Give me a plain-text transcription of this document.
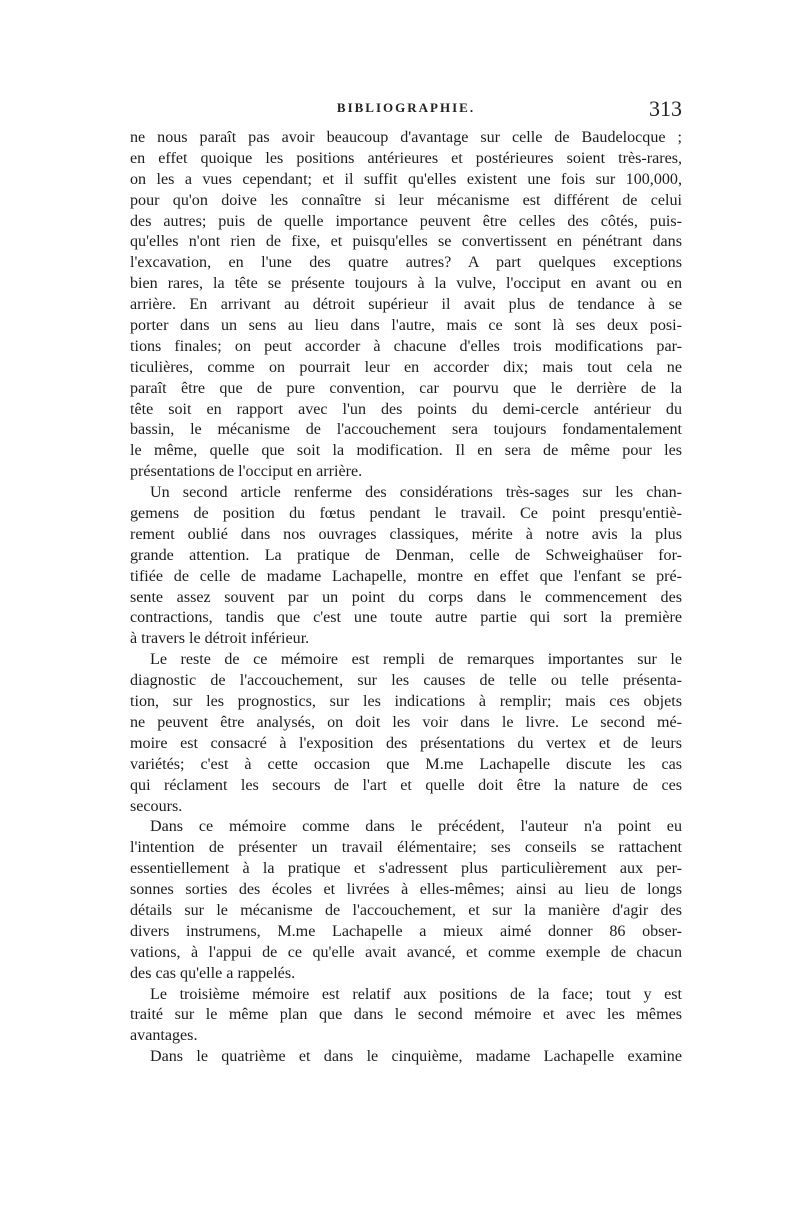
BIBLIOGRAPHIE.	313
ne nous paraît pas avoir beaucoup d'avantage sur celle de Baudelocque ;
en effet quoique les positions antérieures et postérieures soient très-rares,
on les a vues cependant; et il suffit qu'elles existent une fois sur 100,000,
pour qu'on doive les connaître si leur mécanisme est différent de celui
des autres; puis de quelle importance peuvent être celles des côtés, puis-
qu'elles n'ont rien de fixe, et puisqu'elles se convertissent en pénétrant dans
l'excavation, en l'une des quatre autres? A part quelques exceptions
bien rares, la tête se présente toujours à la vulve, l'occiput en avant ou en
arrière. En arrivant au détroit supérieur il avait plus de tendance à se
porter dans un sens au lieu dans l'autre, mais ce sont là ses deux posi-
tions finales; on peut accorder à chacune d'elles trois modifications par-
ticulières, comme on pourrait leur en accorder dix; mais tout cela ne
paraît être que de pure convention, car pourvu que le derrière de la
tête soit en rapport avec l'un des points du demi-cercle antérieur du
bassin, le mécanisme de l'accouchement sera toujours fondamentalement
le même, quelle que soit la modification. Il en sera de même pour les
présentations de l'occiput en arrière.
Un second article renferme des considérations très-sages sur les chan-
gemens de position du fœtus pendant le travail. Ce point presqu'entiè-
rement oublié dans nos ouvrages classiques, mérite à notre avis la plus
grande attention. La pratique de Denman, celle de Schweighaüser for-
tifiée de celle de madame Lachapelle, montre en effet que l'enfant se pré-
sente assez souvent par un point du corps dans le commencement des
contractions, tandis que c'est une toute autre partie qui sort la première
à travers le détroit inférieur.
Le reste de ce mémoire est rempli de remarques importantes sur le
diagnostic de l'accouchement, sur les causes de telle ou telle présenta-
tion, sur les prognostics, sur les indications à remplir; mais ces objets
ne peuvent être analysés, on doit les voir dans le livre. Le second mé-
moire est consacré à l'exposition des présentations du vertex et de leurs
variétés; c'est à cette occasion que M.me Lachapelle discute les cas
qui réclament les secours de l'art et quelle doit être la nature de ces
secours.
Dans ce mémoire comme dans le précédent, l'auteur n'a point eu
l'intention de présenter un travail élémentaire; ses conseils se rattachent
essentiellement à la pratique et s'adressent plus particulièrement aux per-
sonnes sorties des écoles et livrées à elles-mêmes; ainsi au lieu de longs
détails sur le mécanisme de l'accouchement, et sur la manière d'agir des
divers instrumens, M.me Lachapelle a mieux aimé donner 86 obser-
vations, à l'appui de ce qu'elle avait avancé, et comme exemple de chacun
des cas qu'elle a rappelés.
Le troisième mémoire est relatif aux positions de la face; tout y est
traité sur le même plan que dans le second mémoire et avec les mêmes
avantages.
Dans le quatrième et dans le cinquième, madame Lachapelle examine
